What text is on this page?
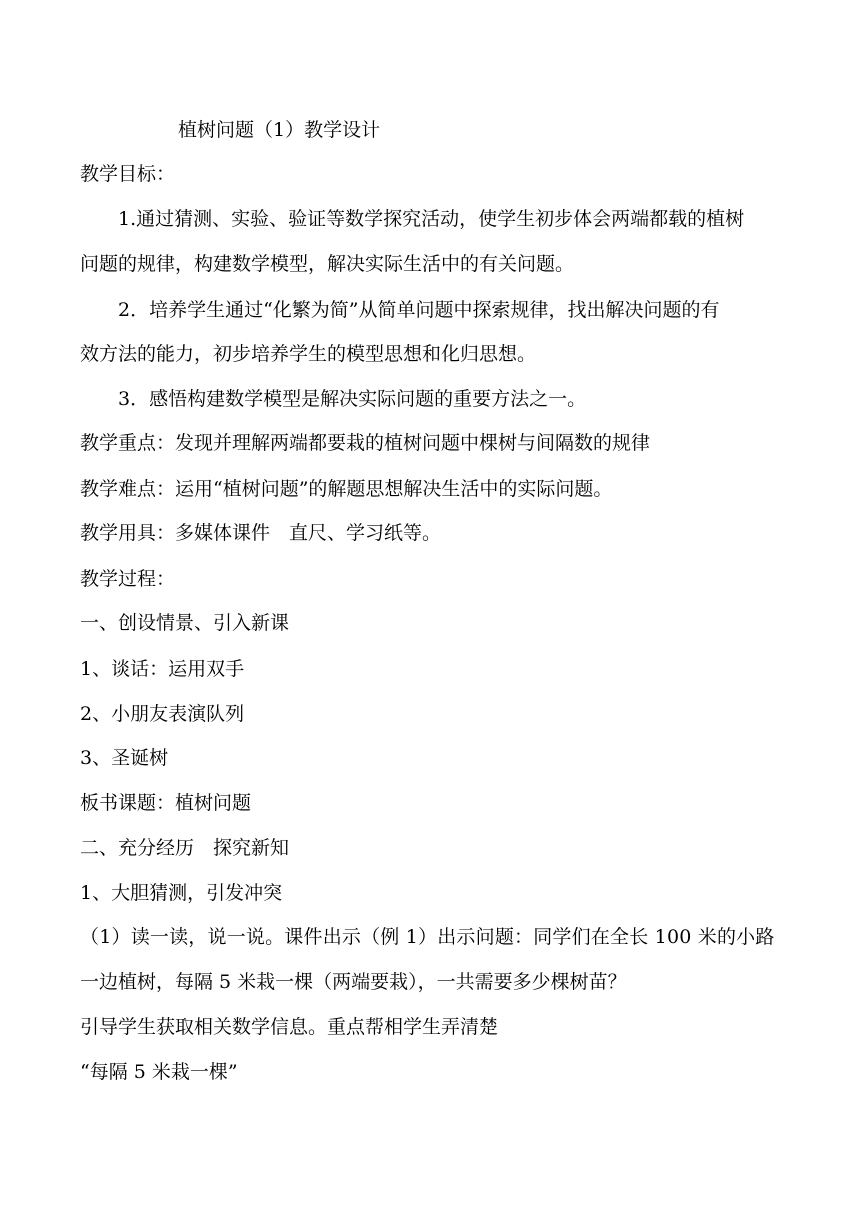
植树问题（1）教学设计
教学目标：
1.通过猜测、实验、验证等数学探究活动，使学生初步体会两端都载的植树
问题的规律，构建数学模型，解决实际生活中的有关问题。
2．培养学生通过“化繁为简”从简单问题中探索规律，找出解决问题的有
效方法的能力，初步培养学生的模型思想和化归思想。
3．感悟构建数学模型是解决实际问题的重要方法之一。
教学重点：发现并理解两端都要栽的植树问题中棵树与间隔数的规律
教学难点：运用“植树问题”的解题思想解决生活中的实际问题。
教学用具：多媒体课件　直尺、学习纸等。
教学过程：
一、创设情景、引入新课
1、谈话：运用双手
2、小朋友表演队列
3、圣诞树
板书课题：植树问题
二、充分经历　探究新知
1、大胆猜测，引发冲突
（1）读一读，说一说。课件出示（例 1）出示问题：同学们在全长 100 米的小路
一边植树，每隔 5 米栽一棵（两端要栽），一共需要多少棵树苗？
引导学生获取相关数学信息。重点帮相学生弄清楚
“每隔 5 米栽一棵”
